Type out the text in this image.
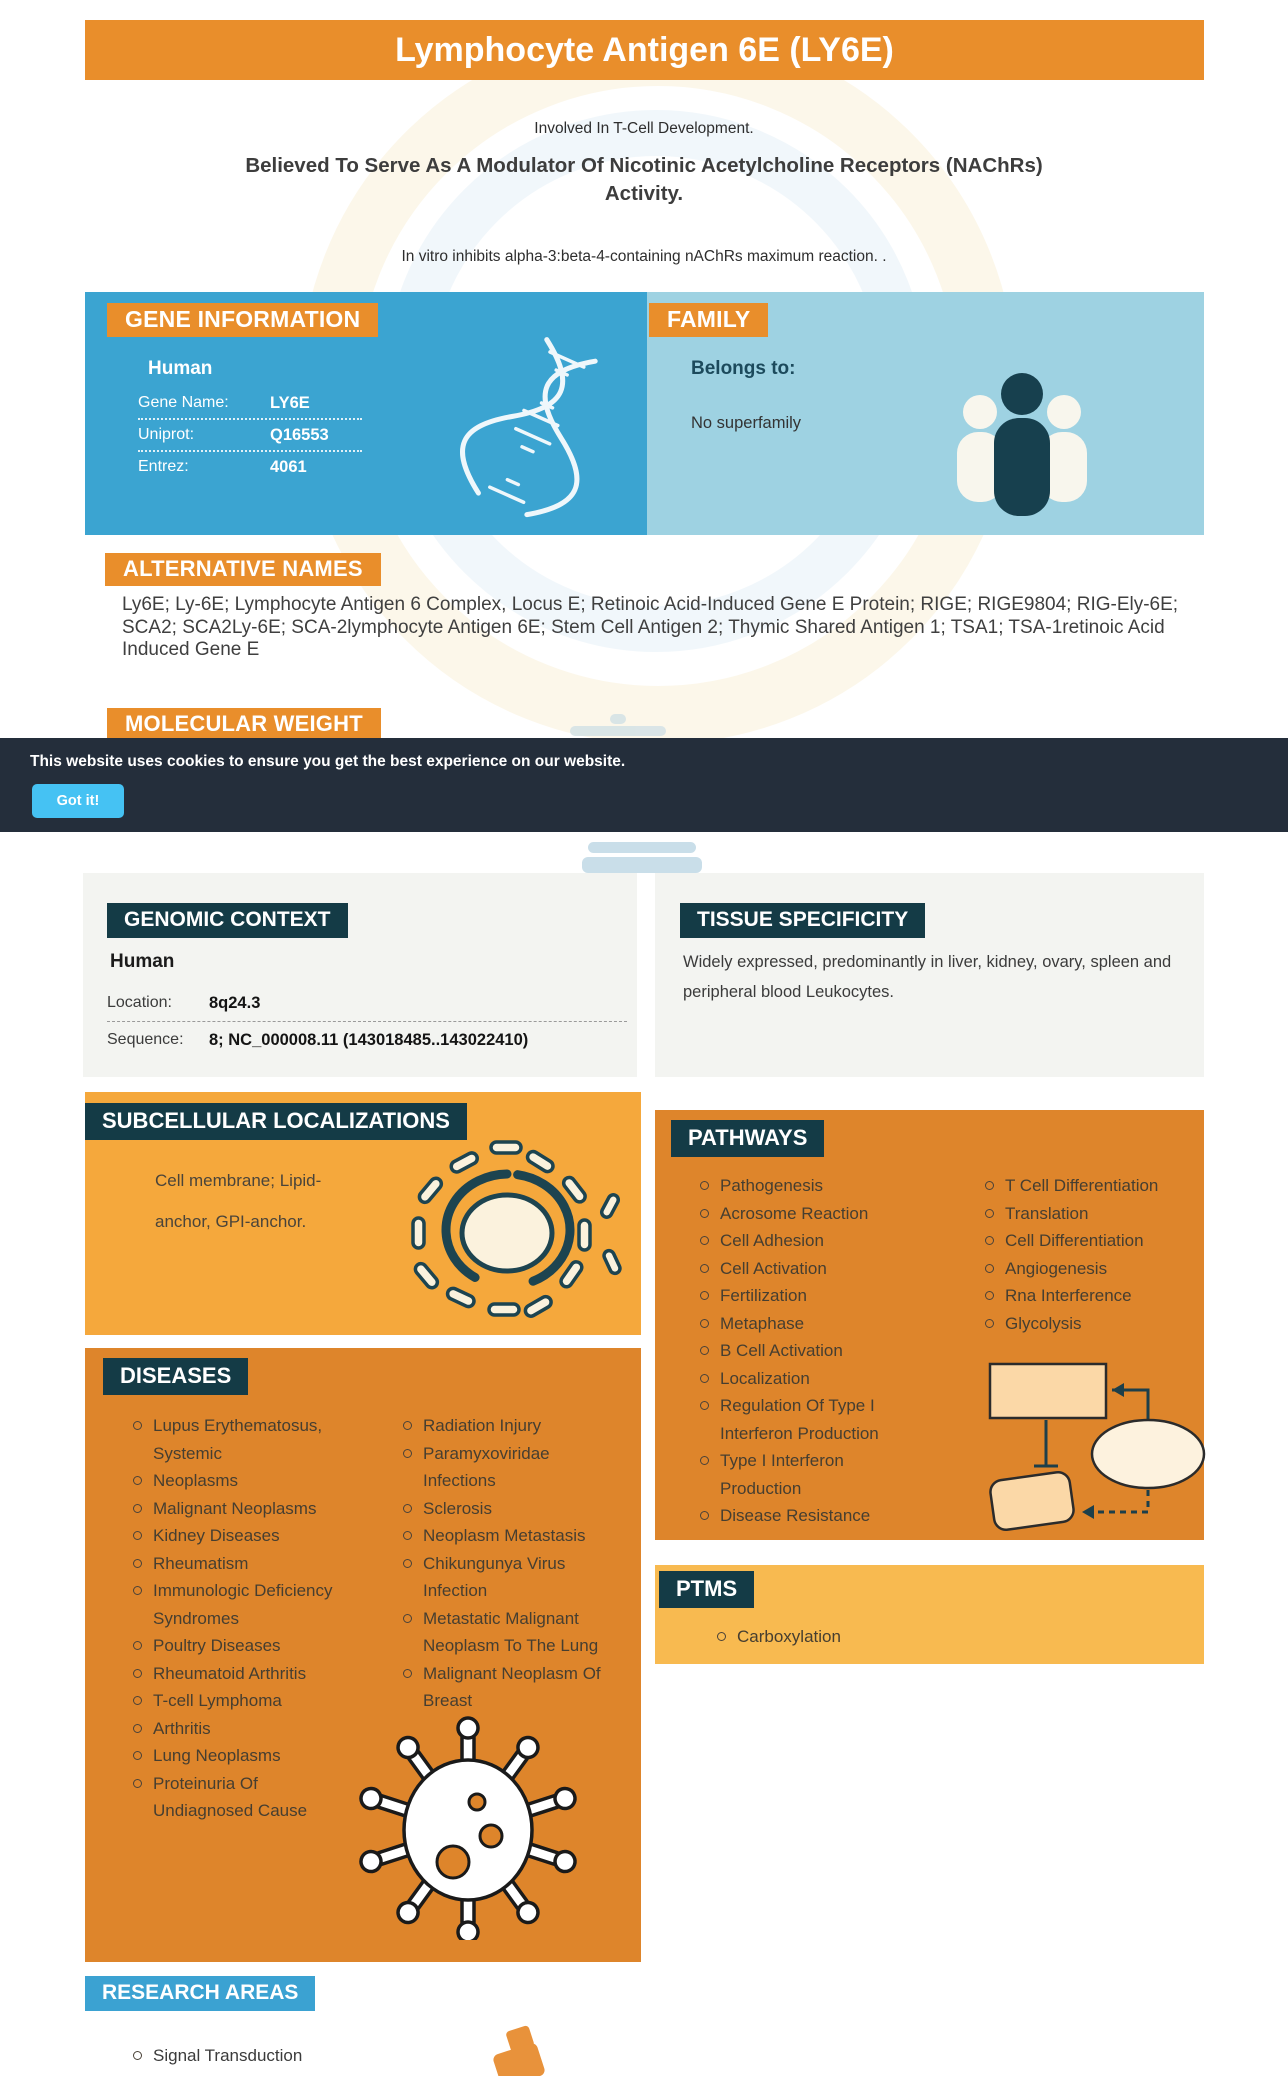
Lymphocyte Antigen 6E (LY6E)
Involved In T-Cell Development.
Believed To Serve As A Modulator Of Nicotinic Acetylcholine Receptors (NAChRs) Activity.
In vitro inhibits alpha-3:beta-4-containing nAChRs maximum reaction. .
GENE INFORMATION
Human
Gene Name:	LY6E
Uniprot:	Q16553
Entrez:	4061
FAMILY
Belongs to:
No superfamily
ALTERNATIVE NAMES
Ly6E; Ly-6E; Lymphocyte Antigen 6 Complex, Locus E; Retinoic Acid-Induced Gene E Protein; RIGE; RIGE9804; RIG-Ely-6E; SCA2; SCA2Ly-6E; SCA-2lymphocyte Antigen 6E; Stem Cell Antigen 2; Thymic Shared Antigen 1; TSA1; TSA-1retinoic Acid Induced Gene E
MOLECULAR WEIGHT
This website uses cookies to ensure you get the best experience on our website.
Got it!
GENOMIC CONTEXT
Human
Location:	8q24.3
Sequence:	8; NC_000008.11 (143018485..143022410)
TISSUE SPECIFICITY
Widely expressed, predominantly in liver, kidney, ovary, spleen and peripheral blood Leukocytes.
SUBCELLULAR LOCALIZATIONS
Cell membrane; Lipid-anchor, GPI-anchor.
PATHWAYS
Pathogenesis
Acrosome Reaction
Cell Adhesion
Cell Activation
Fertilization
Metaphase
B Cell Activation
Localization
Regulation Of Type I Interferon Production
Type I Interferon Production
Disease Resistance
T Cell Differentiation
Translation
Cell Differentiation
Angiogenesis
Rna Interference
Glycolysis
DISEASES
Lupus Erythematosus, Systemic
Neoplasms
Malignant Neoplasms
Kidney Diseases
Rheumatism
Immunologic Deficiency Syndromes
Poultry Diseases
Rheumatoid Arthritis
T-cell Lymphoma
Arthritis
Lung Neoplasms
Proteinuria Of Undiagnosed Cause
Radiation Injury
Paramyxoviridae Infections
Sclerosis
Neoplasm Metastasis
Chikungunya Virus Infection
Metastatic Malignant Neoplasm To The Lung
Malignant Neoplasm Of Breast
PTMS
Carboxylation
RESEARCH AREAS
Signal Transduction
